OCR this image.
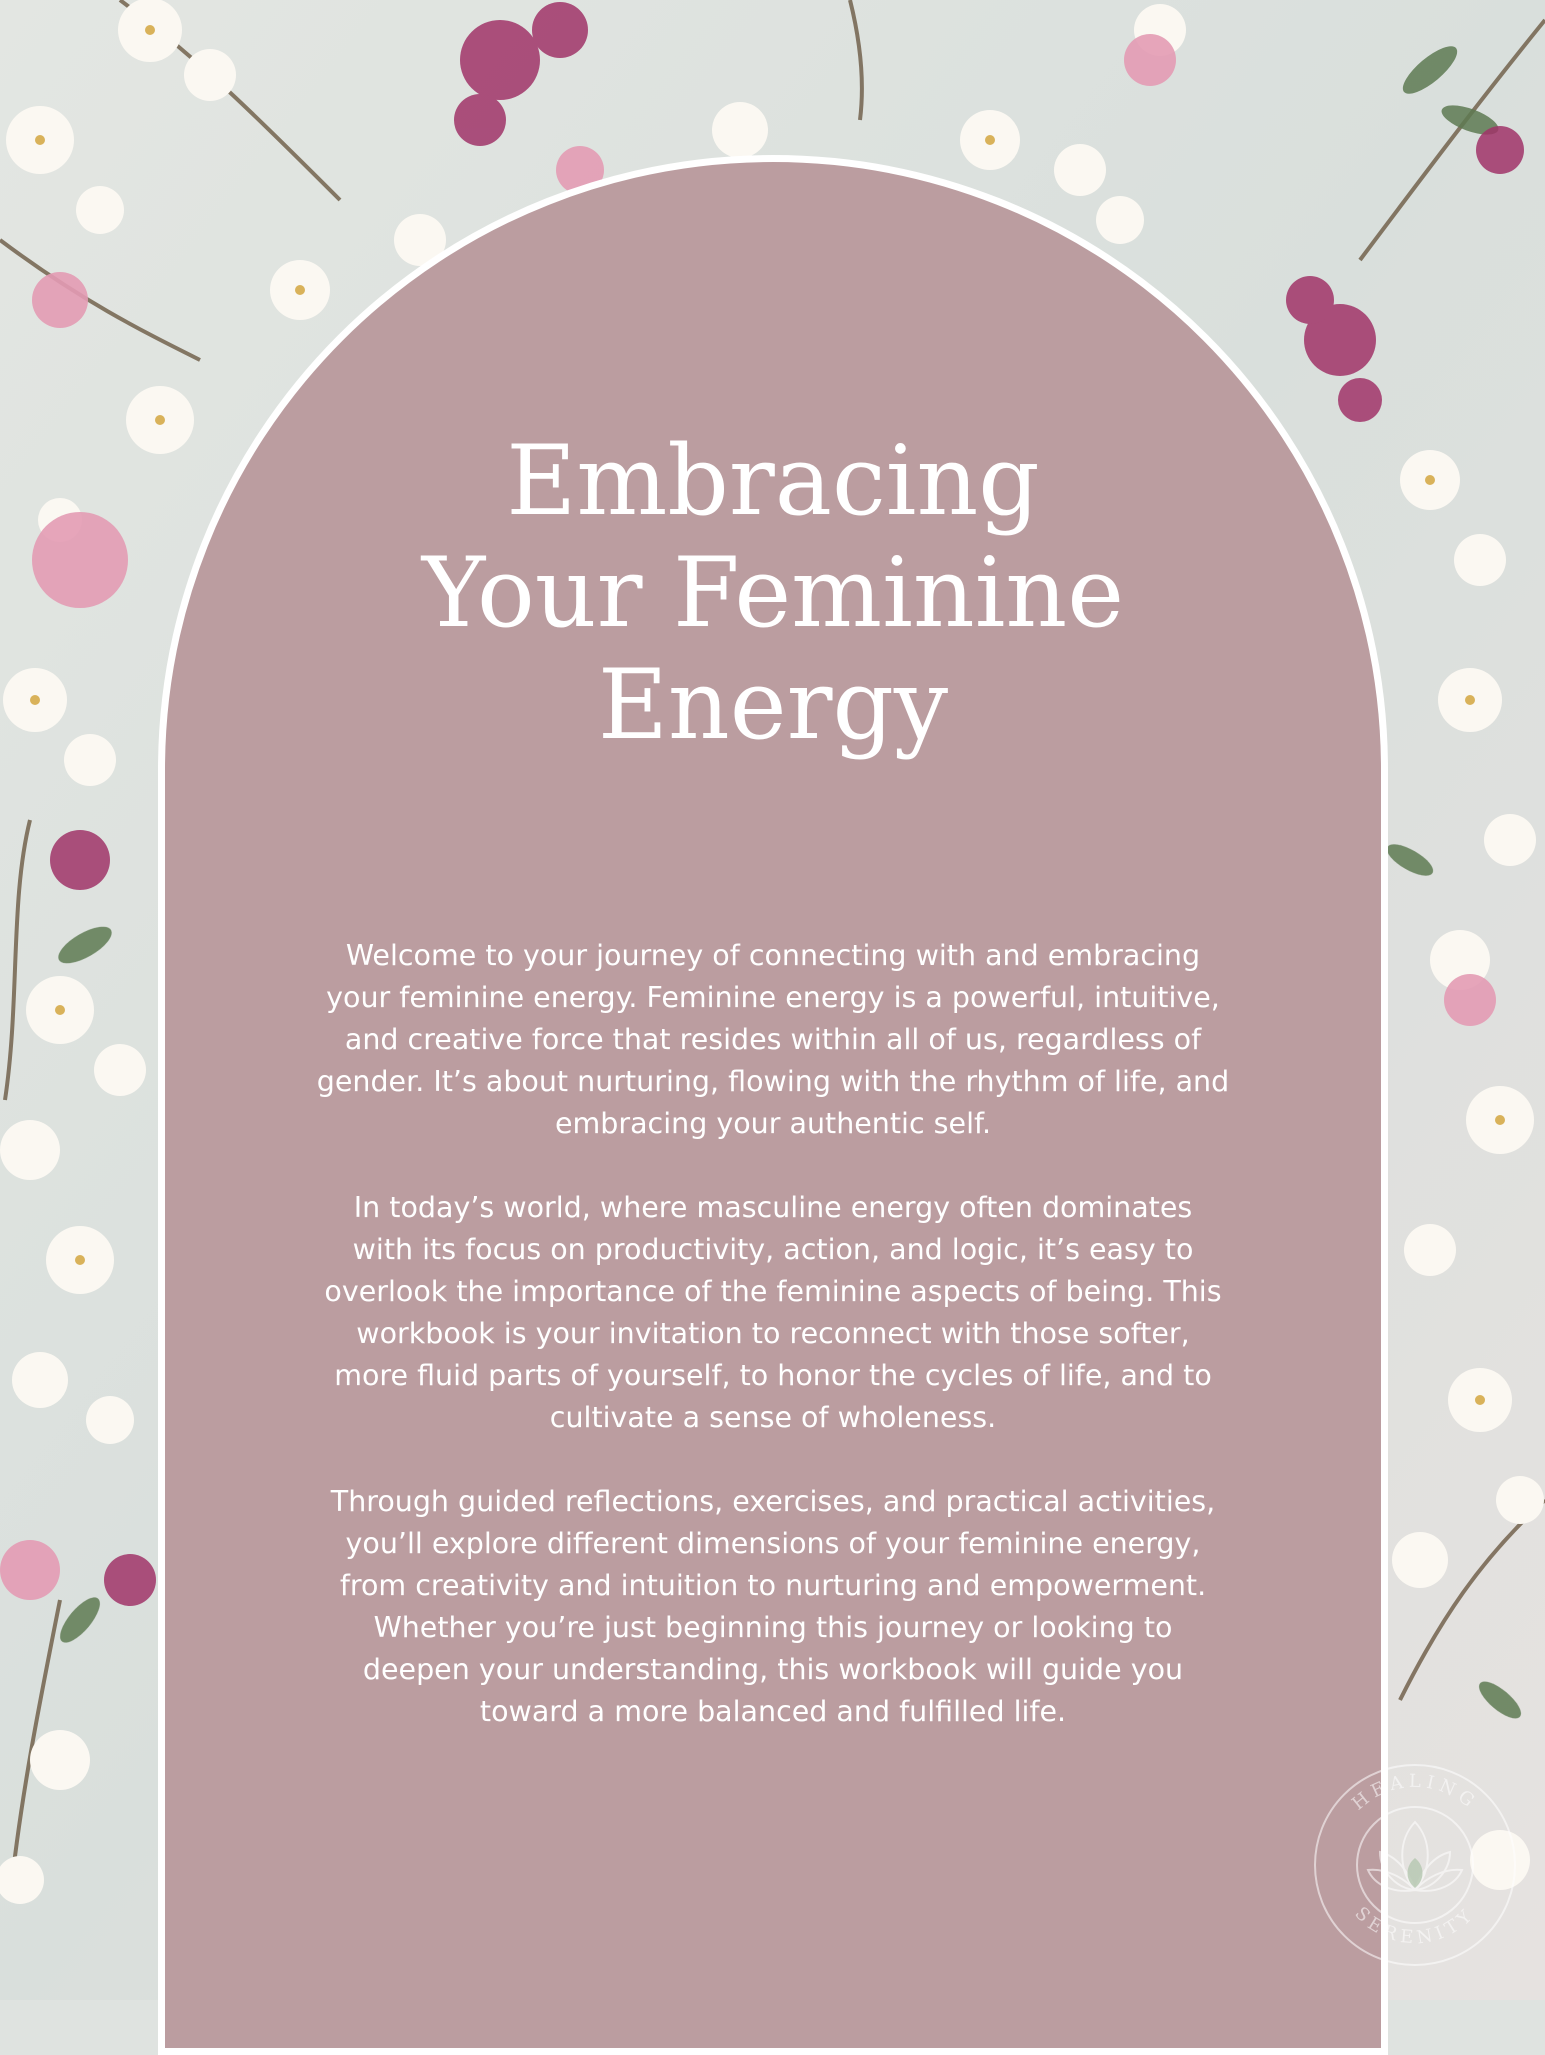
Embracing
Your Feminine
Energy

Welcome to your journey of connecting with and embracing
your feminine energy. Feminine energy is a powerful, intuitive,
and creative force that resides within all of us, regardless of
gender. It’s about nurturing, flowing with the rhythm of life, and
embracing your authentic self.

In today’s world, where masculine energy often dominates
with its focus on productivity, action, and logic, it’s easy to
overlook the importance of the feminine aspects of being. This
workbook is your invitation to reconnect with those softer,
more fluid parts of yourself, to honor the cycles of life, and to
cultivate a sense of wholeness.

Through guided reflections, exercises, and practical activities,
you’ll explore different dimensions of your feminine energy,
from creativity and intuition to nurturing and empowerment.
Whether you’re just beginning this journey or looking to
deepen your understanding, this workbook will guide you
toward a more balanced and fulfilled life.

HEALING
SERENITY
